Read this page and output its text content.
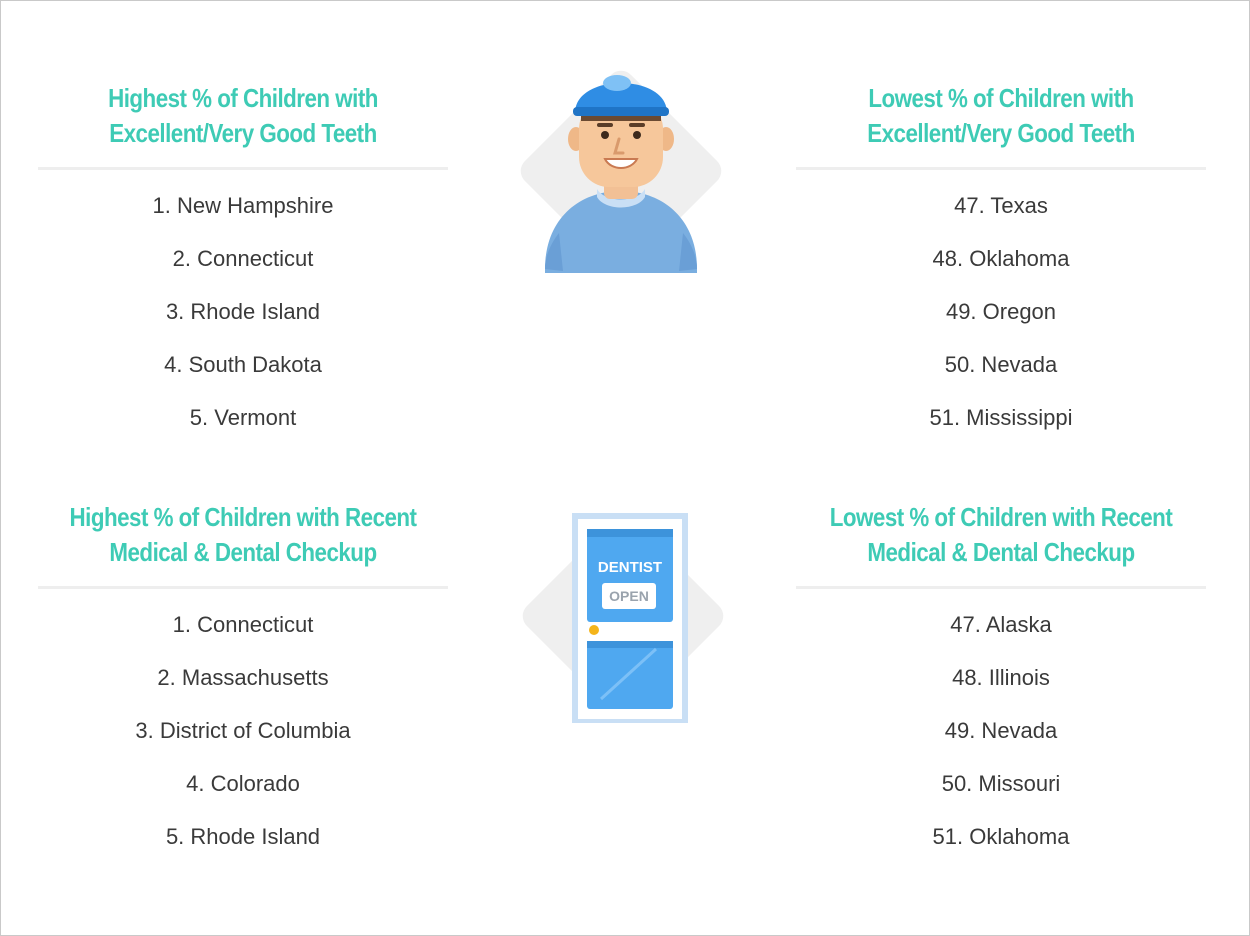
Highest % of Children with
Excellent/Very Good Teeth
1. New Hampshire
2. Connecticut
3. Rhode Island
4. South Dakota
5. Vermont
Lowest % of Children with
Excellent/Very Good Teeth
47. Texas
48. Oklahoma
49. Oregon
50. Nevada
51. Mississippi
Highest % of Children with Recent
Medical & Dental Checkup
1. Connecticut
2. Massachusetts
3. District of Columbia
4. Colorado
5. Rhode Island
Lowest % of Children with Recent
Medical & Dental Checkup
47. Alaska
48. Illinois
49. Nevada
50. Missouri
51. Oklahoma
DENTIST
OPEN
